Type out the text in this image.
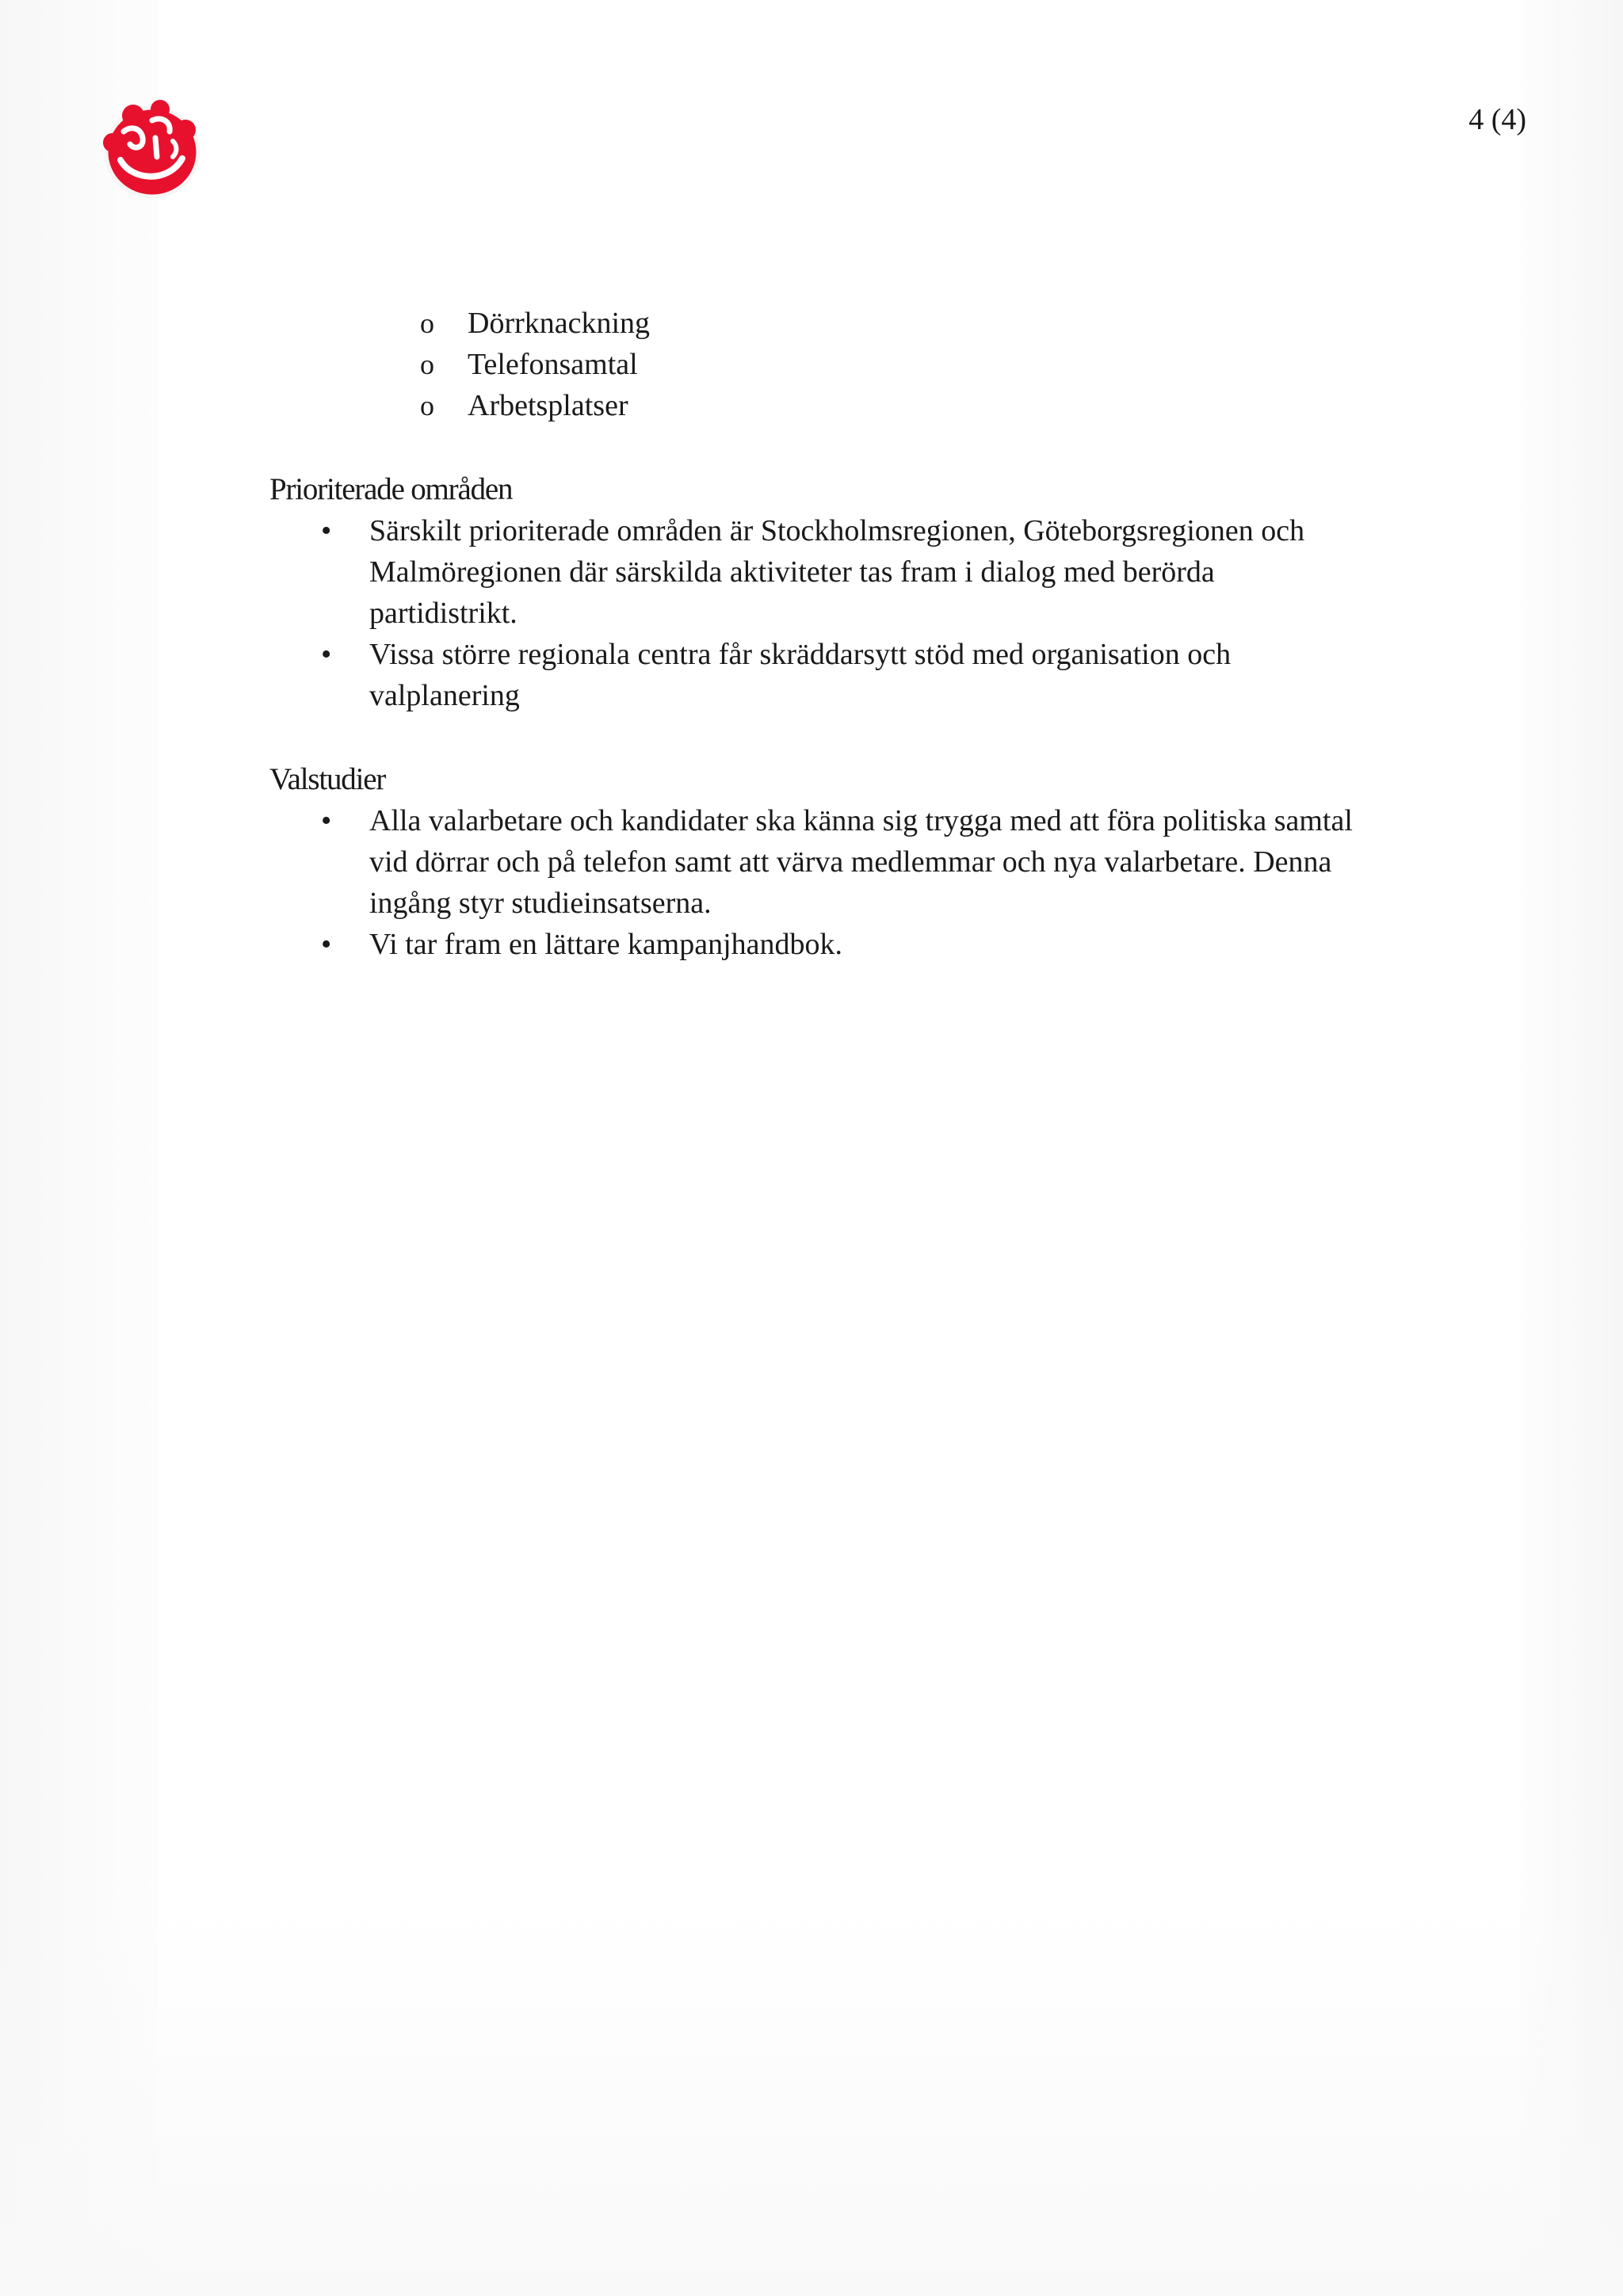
4 (4)
o Dörrknackning
o Telefonsamtal
o Arbetsplatser
Prioriterade områden
• Särskilt prioriterade områden är Stockholmsregionen, Göteborgsregionen och Malmöregionen där särskilda aktiviteter tas fram i dialog med berörda partidistrikt.
• Vissa större regionala centra får skräddarsytt stöd med organisation och valplanering
Valstudier
• Alla valarbetare och kandidater ska känna sig trygga med att föra politiska samtal vid dörrar och på telefon samt att värva medlemmar och nya valarbetare. Denna ingång styr studieinsatserna.
• Vi tar fram en lättare kampanjhandbok.
